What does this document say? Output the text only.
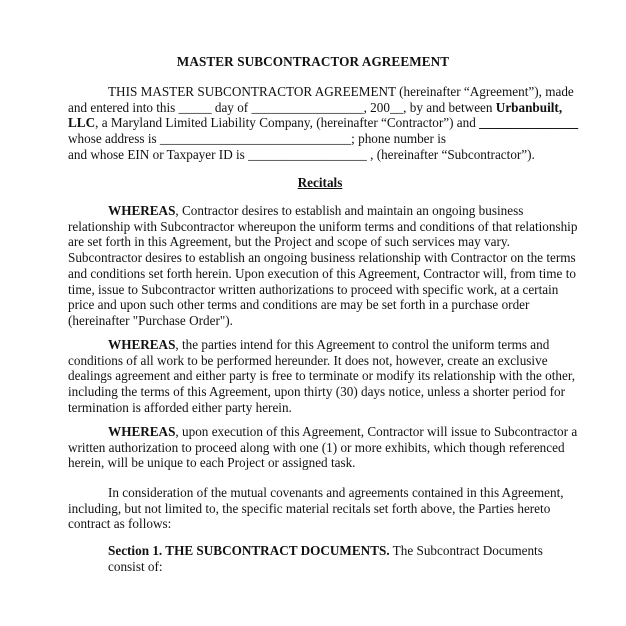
MASTER SUBCONTRACTOR AGREEMENT
THIS MASTER SUBCONTRACTOR AGREEMENT (hereinafter “Agreement”), made
and entered into this _____ day of _________________, 200__, by and between Urbanbuilt,
LLC, a Maryland Limited Liability Company, (hereinafter “Contractor”) and _______________
whose address is _____________________________; phone number is
and whose EIN or Taxpayer ID is __________________ , (hereinafter “Subcontractor”).
Recitals
WHEREAS, Contractor desires to establish and maintain an ongoing business
relationship with Subcontractor whereupon the uniform terms and conditions of that relationship
are set forth in this Agreement, but the Project and scope of such services may vary.
Subcontractor desires to establish an ongoing business relationship with Contractor on the terms
and conditions set forth herein. Upon execution of this Agreement, Contractor will, from time to
time, issue to Subcontractor written authorizations to proceed with specific work, at a certain
price and upon such other terms and conditions are may be set forth in a purchase order
(hereinafter "Purchase Order").
WHEREAS, the parties intend for this Agreement to control the uniform terms and
conditions of all work to be performed hereunder. It does not, however, create an exclusive
dealings agreement and either party is free to terminate or modify its relationship with the other,
including the terms of this Agreement, upon thirty (30) days notice, unless a shorter period for
termination is afforded either party herein.
WHEREAS, upon execution of this Agreement, Contractor will issue to Subcontractor a
written authorization to proceed along with one (1) or more exhibits, which though referenced
herein, will be unique to each Project or assigned task.
In consideration of the mutual covenants and agreements contained in this Agreement,
including, but not limited to, the specific material recitals set forth above, the Parties hereto
contract as follows:
Section 1. THE SUBCONTRACT DOCUMENTS. The Subcontract Documents
consist of:
